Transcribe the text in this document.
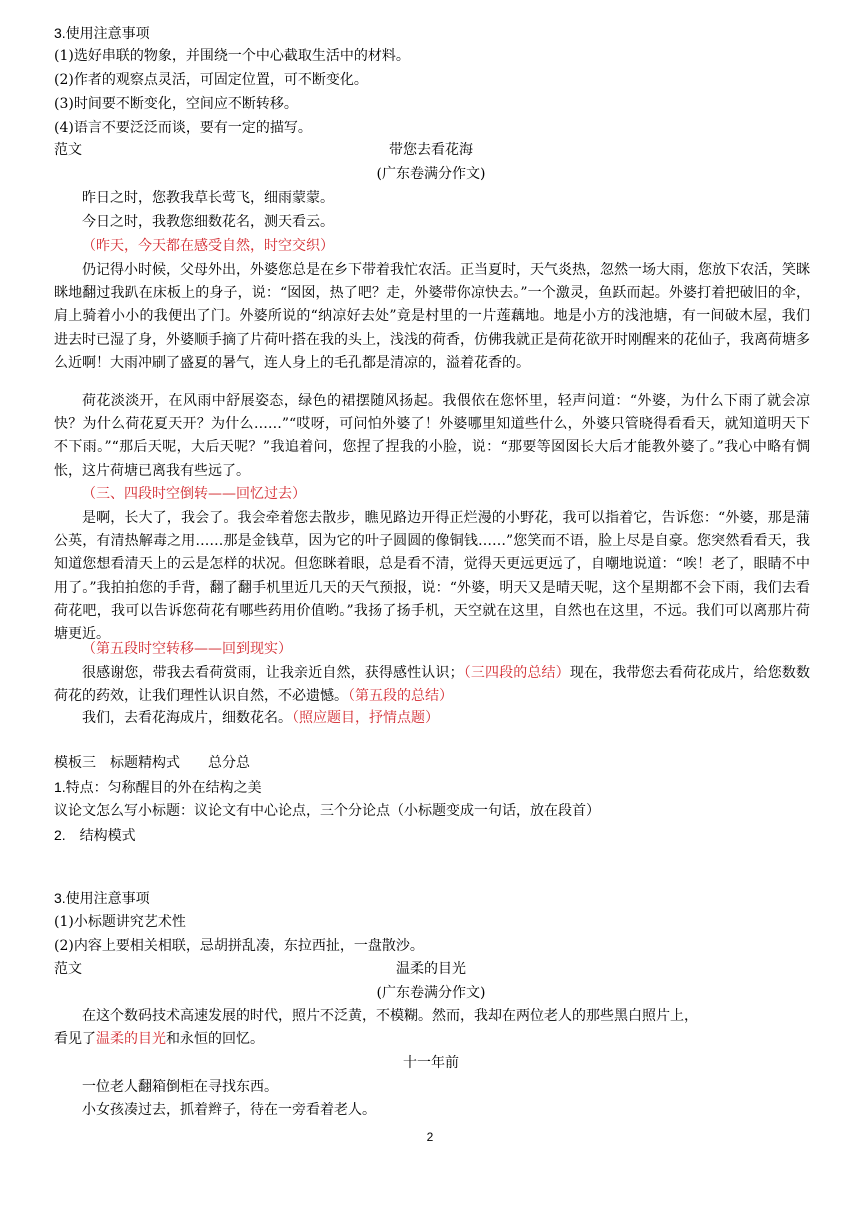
3.使用注意事项
(1)选好串联的物象，并围绕一个中心截取生活中的材料。
(2)作者的观察点灵活，可固定位置，可不断变化。
(3)时间要不断变化，空间应不断转移。
(4)语言不要泛泛而谈，要有一定的描写。
范文	带您去看花海
(广东卷满分作文)
昨日之时，您教我草长莺飞，细雨蒙蒙。
今日之时，我教您细数花名，测天看云。
（昨天，今天都在感受自然，时空交织）
仍记得小时候，父母外出，外婆您总是在乡下带着我忙农活。正当夏时，天气炎热，忽然一场大雨，您放下农活，笑眯眯地翻过我趴在床板上的身子，说：“囡囡，热了吧？走，外婆带你凉快去。”一个激灵，鱼跃而起。外婆打着把破旧的伞，肩上骑着小小的我便出了门。外婆所说的“纳凉好去处”竟是村里的一片莲藕地。地是小方的浅池塘，有一间破木屋，我们进去时已湿了身，外婆顺手摘了片荷叶搭在我的头上，浅浅的荷香，仿佛我就正是荷花欲开时刚醒来的花仙子，我离荷塘多么近啊！大雨冲刷了盛夏的暑气，连人身上的毛孔都是清凉的，溢着花香的。
荷花淡淡开，在风雨中舒展姿态，绿色的裙摆随风扬起。我偎依在您怀里，轻声问道：“外婆，为什么下雨了就会凉快？为什么荷花夏天开？为什么……”“哎呀，可问怕外婆了！外婆哪里知道些什么，外婆只管晓得看看天，就知道明天下不下雨。”“那后天呢，大后天呢？”我追着问，您捏了捏我的小脸，说：“那要等囡囡长大后才能教外婆了。”我心中略有惆怅，这片荷塘已离我有些远了。
（三、四段时空倒转——回忆过去）
是啊，长大了，我会了。我会牵着您去散步，瞧见路边开得正烂漫的小野花，我可以指着它，告诉您：“外婆，那是蒲公英，有清热解毒之用……那是金钱草，因为它的叶子圆圆的像铜钱……”您笑而不语，脸上尽是自豪。您突然看看天，我知道您想看清天上的云是怎样的状况。但您眯着眼，总是看不清，觉得天更远更远了，自嘲地说道：“唉！老了，眼睛不中用了。”我拍拍您的手背，翻了翻手机里近几天的天气预报，说：“外婆，明天又是晴天呢，这个星期都不会下雨，我们去看荷花吧，我可以告诉您荷花有哪些药用价值哟。”我扬了扬手机，天空就在这里，自然也在这里，不远。我们可以离那片荷塘更近。
（第五段时空转移——回到现实）
很感谢您，带我去看荷赏雨，让我亲近自然，获得感性认识；（三四段的总结）现在，我带您去看荷花成片，给您数数荷花的药效，让我们理性认识自然，不必遗憾。（第五段的总结）
我们，去看花海成片，细数花名。（照应题目，抒情点题）
模板三　标题精构式　　总分总
1.特点：匀称醒目的外在结构之美
议论文怎么写小标题：议论文有中心论点，三个分论点（小标题变成一句话，放在段首）
2.　结构模式
3.使用注意事项
(1)小标题讲究艺术性
(2)内容上要相关相联，忌胡拼乱凑，东拉西扯，一盘散沙。
范文	温柔的目光
(广东卷满分作文)
在这个数码技术高速发展的时代，照片不泛黄，不模糊。然而，我却在两位老人的那些黑白照片上，
看见了温柔的目光和永恒的回忆。
十一年前
一位老人翻箱倒柜在寻找东西。
小女孩凑过去，抓着辫子，待在一旁看着老人。
2
